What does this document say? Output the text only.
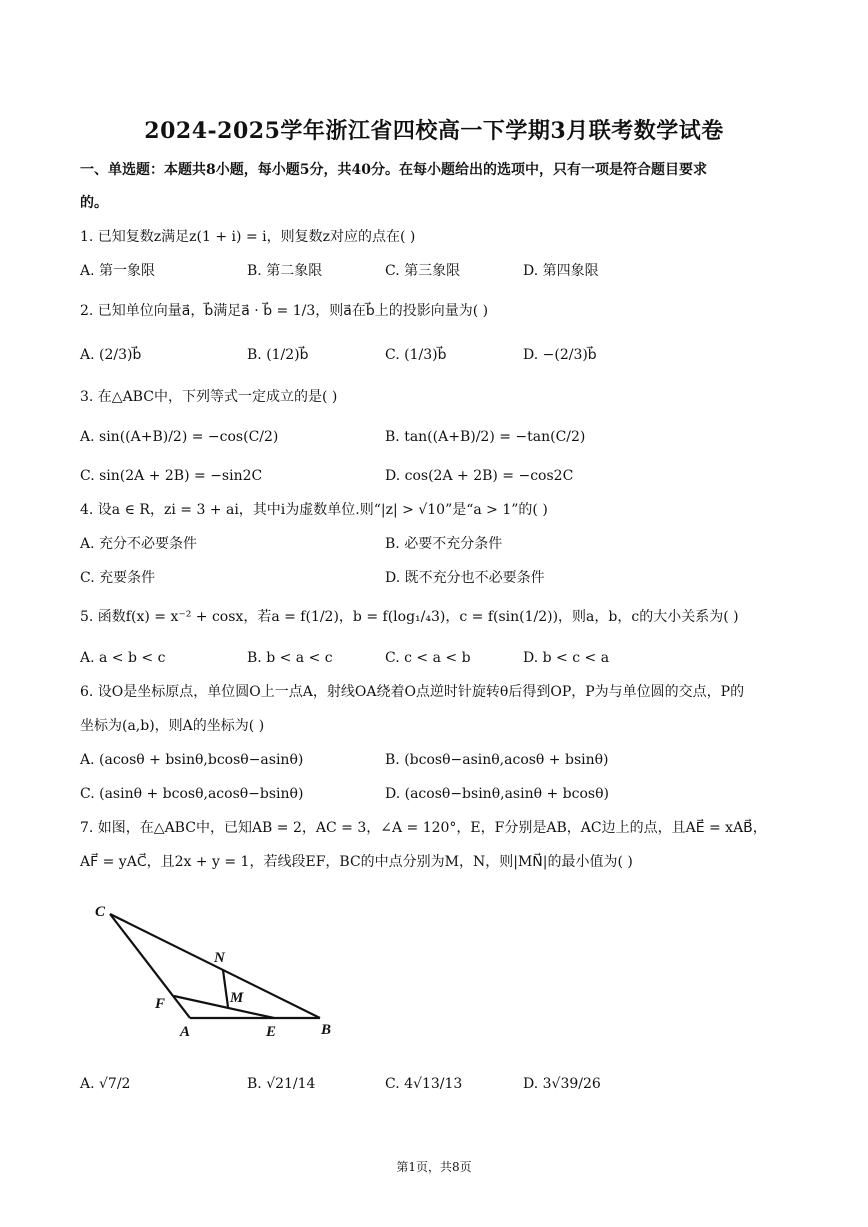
2024-2025学年浙江省四校高一下学期3月联考数学试卷
一、单选题：本题共8小题，每小题5分，共40分。在每小题给出的选项中，只有一项是符合题目要求
的。
1. 已知复数z满足z(1 + i) = i，则复数z对应的点在( )
A. 第一象限	B. 第二象限	C. 第三象限	D. 第四象限
2. 已知单位向量a⃗，b⃗满足a⃗ · b⃗ = 1/3，则a⃗在b⃗上的投影向量为( )
A. (2/3)b⃗	B. (1/2)b⃗	C. (1/3)b⃗	D. −(2/3)b⃗
3. 在△ABC中，下列等式一定成立的是( )
A. sin((A+B)/2) = −cos(C/2)	B. tan((A+B)/2) = −tan(C/2)
C. sin(2A + 2B) = −sin2C	D. cos(2A + 2B) = −cos2C
4. 设a ∈ R，zi = 3 + ai，其中i为虚数单位.则“|z| > √10”是“a > 1”的( )
A. 充分不必要条件	B. 必要不充分条件
C. 充要条件	D. 既不充分也不必要条件
5. 函数f(x) = x⁻² + cosx，若a = f(1/2)，b = f(log₁/₄3)，c = f(sin(1/2))，则a，b，c的大小关系为( )
A. a < b < c	B. b < a < c	C. c < a < b	D. b < c < a
6. 设O是坐标原点，单位圆O上一点A，射线OA绕着O点逆时针旋转θ后得到OP，P为与单位圆的交点，P的
坐标为(a,b)，则A的坐标为( )
A. (acosθ + bsinθ,bcosθ−asinθ)	B. (bcosθ−asinθ,acosθ + bsinθ)
C. (asinθ + bcosθ,acosθ−bsinθ)	D. (acosθ−bsinθ,asinθ + bcosθ)
7. 如图，在△ABC中，已知AB = 2，AC = 3，∠A = 120°，E，F分别是AB，AC边上的点，且AE⃗ = xAB⃗，
AF⃗ = yAC⃗，且2x + y = 1，若线段EF，BC的中点分别为M，N，则|MN⃗|的最小值为( )
C
N
F	M
A	E	B
A. √7/2	B. √21/14	C. 4√13/13	D. 3√39/26
第1页，共8页
